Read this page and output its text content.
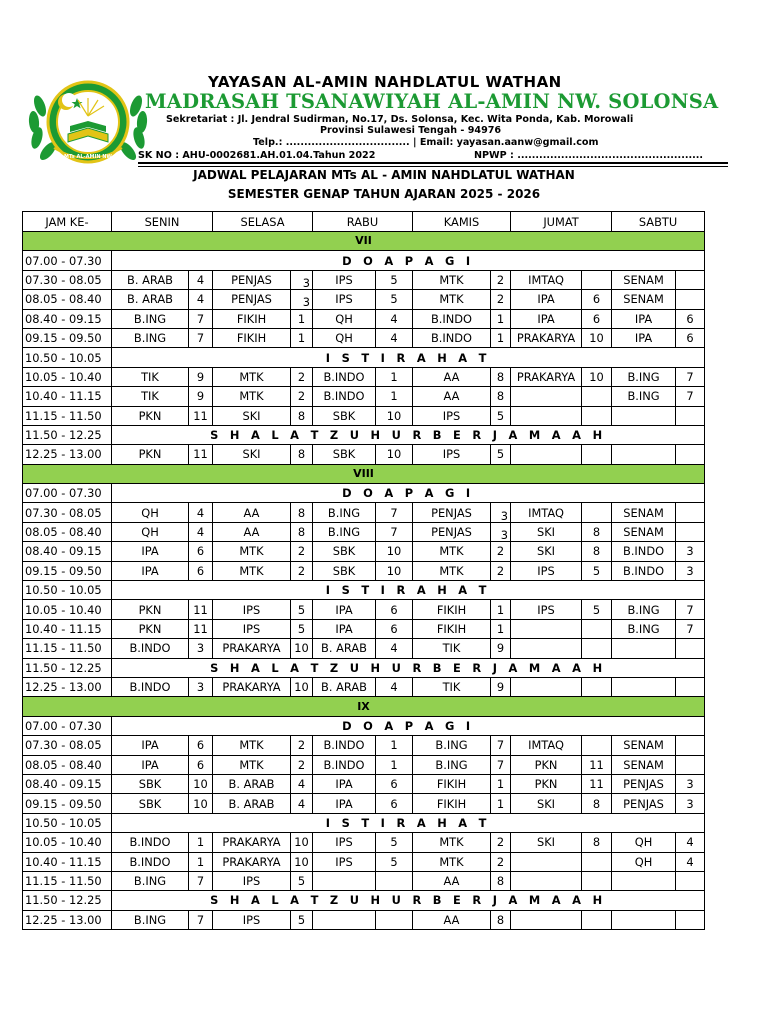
MTs AL-AMIN NW
YAYASAN AL-AMIN NAHDLATUL WATHAN
MADRASAH TSANAWIYAH AL-AMIN NW. SOLONSA
Sekretariat : Jl. Jendral Sudirman, No.17, Ds. Solonsa, Kec. Wita Ponda, Kab. Morowali
Provinsi Sulawesi Tengah - 94976
Telp.: .................................. | Email: yayasan.aanw@gmail.com
SK NO : AHU-0002681.AH.01.04.Tahun 2022	NPWP : ...................................................
JADWAL PELAJARAN MTs AL - AMIN NAHDLATUL WATHAN
SEMESTER GENAP TAHUN AJARAN 2025 - 2026
JAM KE-	SENIN		SELASA		RABU		KAMIS		JUMAT		SABTU	
VII												
07.00 - 07.30	D O A P A G I											
07.30 - 08.05	B. ARAB	4	PENJAS	3	IPS	5	MTK	2	IMTAQ		SENAM	
08.05 - 08.40	B. ARAB	4	PENJAS	3	IPS	5	MTK	2	IPA	6	SENAM	
08.40 - 09.15	B.ING	7	FIKIH	1	QH	4	B.INDO	1	IPA	6	IPA	6
09.15 - 09.50	B.ING	7	FIKIH	1	QH	4	B.INDO	1	PRAKARYA	10	IPA	6
10.50 - 10.05	I S T I R A H A T											
10.05 - 10.40	TIK	9	MTK	2	B.INDO	1	AA	8	PRAKARYA	10	B.ING	7
10.40 - 11.15	TIK	9	MTK	2	B.INDO	1	AA	8			B.ING	7
11.15 - 11.50	PKN	11	SKI	8	SBK	10	IPS	5				
11.50 - 12.25	S H A L A T Z U H U R B E R J A M A A H											
12.25 - 13.00	PKN	11	SKI	8	SBK	10	IPS	5				
VIII												
07.00 - 07.30	D O A P A G I											
07.30 - 08.05	QH	4	AA	8	B.ING	7	PENJAS	3	IMTAQ		SENAM	
08.05 - 08.40	QH	4	AA	8	B.ING	7	PENJAS	3	SKI	8	SENAM	
08.40 - 09.15	IPA	6	MTK	2	SBK	10	MTK	2	SKI	8	B.INDO	3
09.15 - 09.50	IPA	6	MTK	2	SBK	10	MTK	2	IPS	5	B.INDO	3
10.50 - 10.05	I S T I R A H A T											
10.05 - 10.40	PKN	11	IPS	5	IPA	6	FIKIH	1	IPS	5	B.ING	7
10.40 - 11.15	PKN	11	IPS	5	IPA	6	FIKIH	1			B.ING	7
11.15 - 11.50	B.INDO	3	PRAKARYA	10	B. ARAB	4	TIK	9				
11.50 - 12.25	S H A L A T Z U H U R B E R J A M A A H											
12.25 - 13.00	B.INDO	3	PRAKARYA	10	B. ARAB	4	TIK	9				
IX												
07.00 - 07.30	D O A P A G I											
07.30 - 08.05	IPA	6	MTK	2	B.INDO	1	B.ING	7	IMTAQ		SENAM	
08.05 - 08.40	IPA	6	MTK	2	B.INDO	1	B.ING	7	PKN	11	SENAM	
08.40 - 09.15	SBK	10	B. ARAB	4	IPA	6	FIKIH	1	PKN	11	PENJAS	3
09.15 - 09.50	SBK	10	B. ARAB	4	IPA	6	FIKIH	1	SKI	8	PENJAS	3
10.50 - 10.05	I S T I R A H A T											
10.05 - 10.40	B.INDO	1	PRAKARYA	10	IPS	5	MTK	2	SKI	8	QH	4
10.40 - 11.15	B.INDO	1	PRAKARYA	10	IPS	5	MTK	2			QH	4
11.15 - 11.50	B.ING	7	IPS	5			AA	8				
11.50 - 12.25	S H A L A T Z U H U R B E R J A M A A H											
12.25 - 13.00	B.ING	7	IPS	5			AA	8				
